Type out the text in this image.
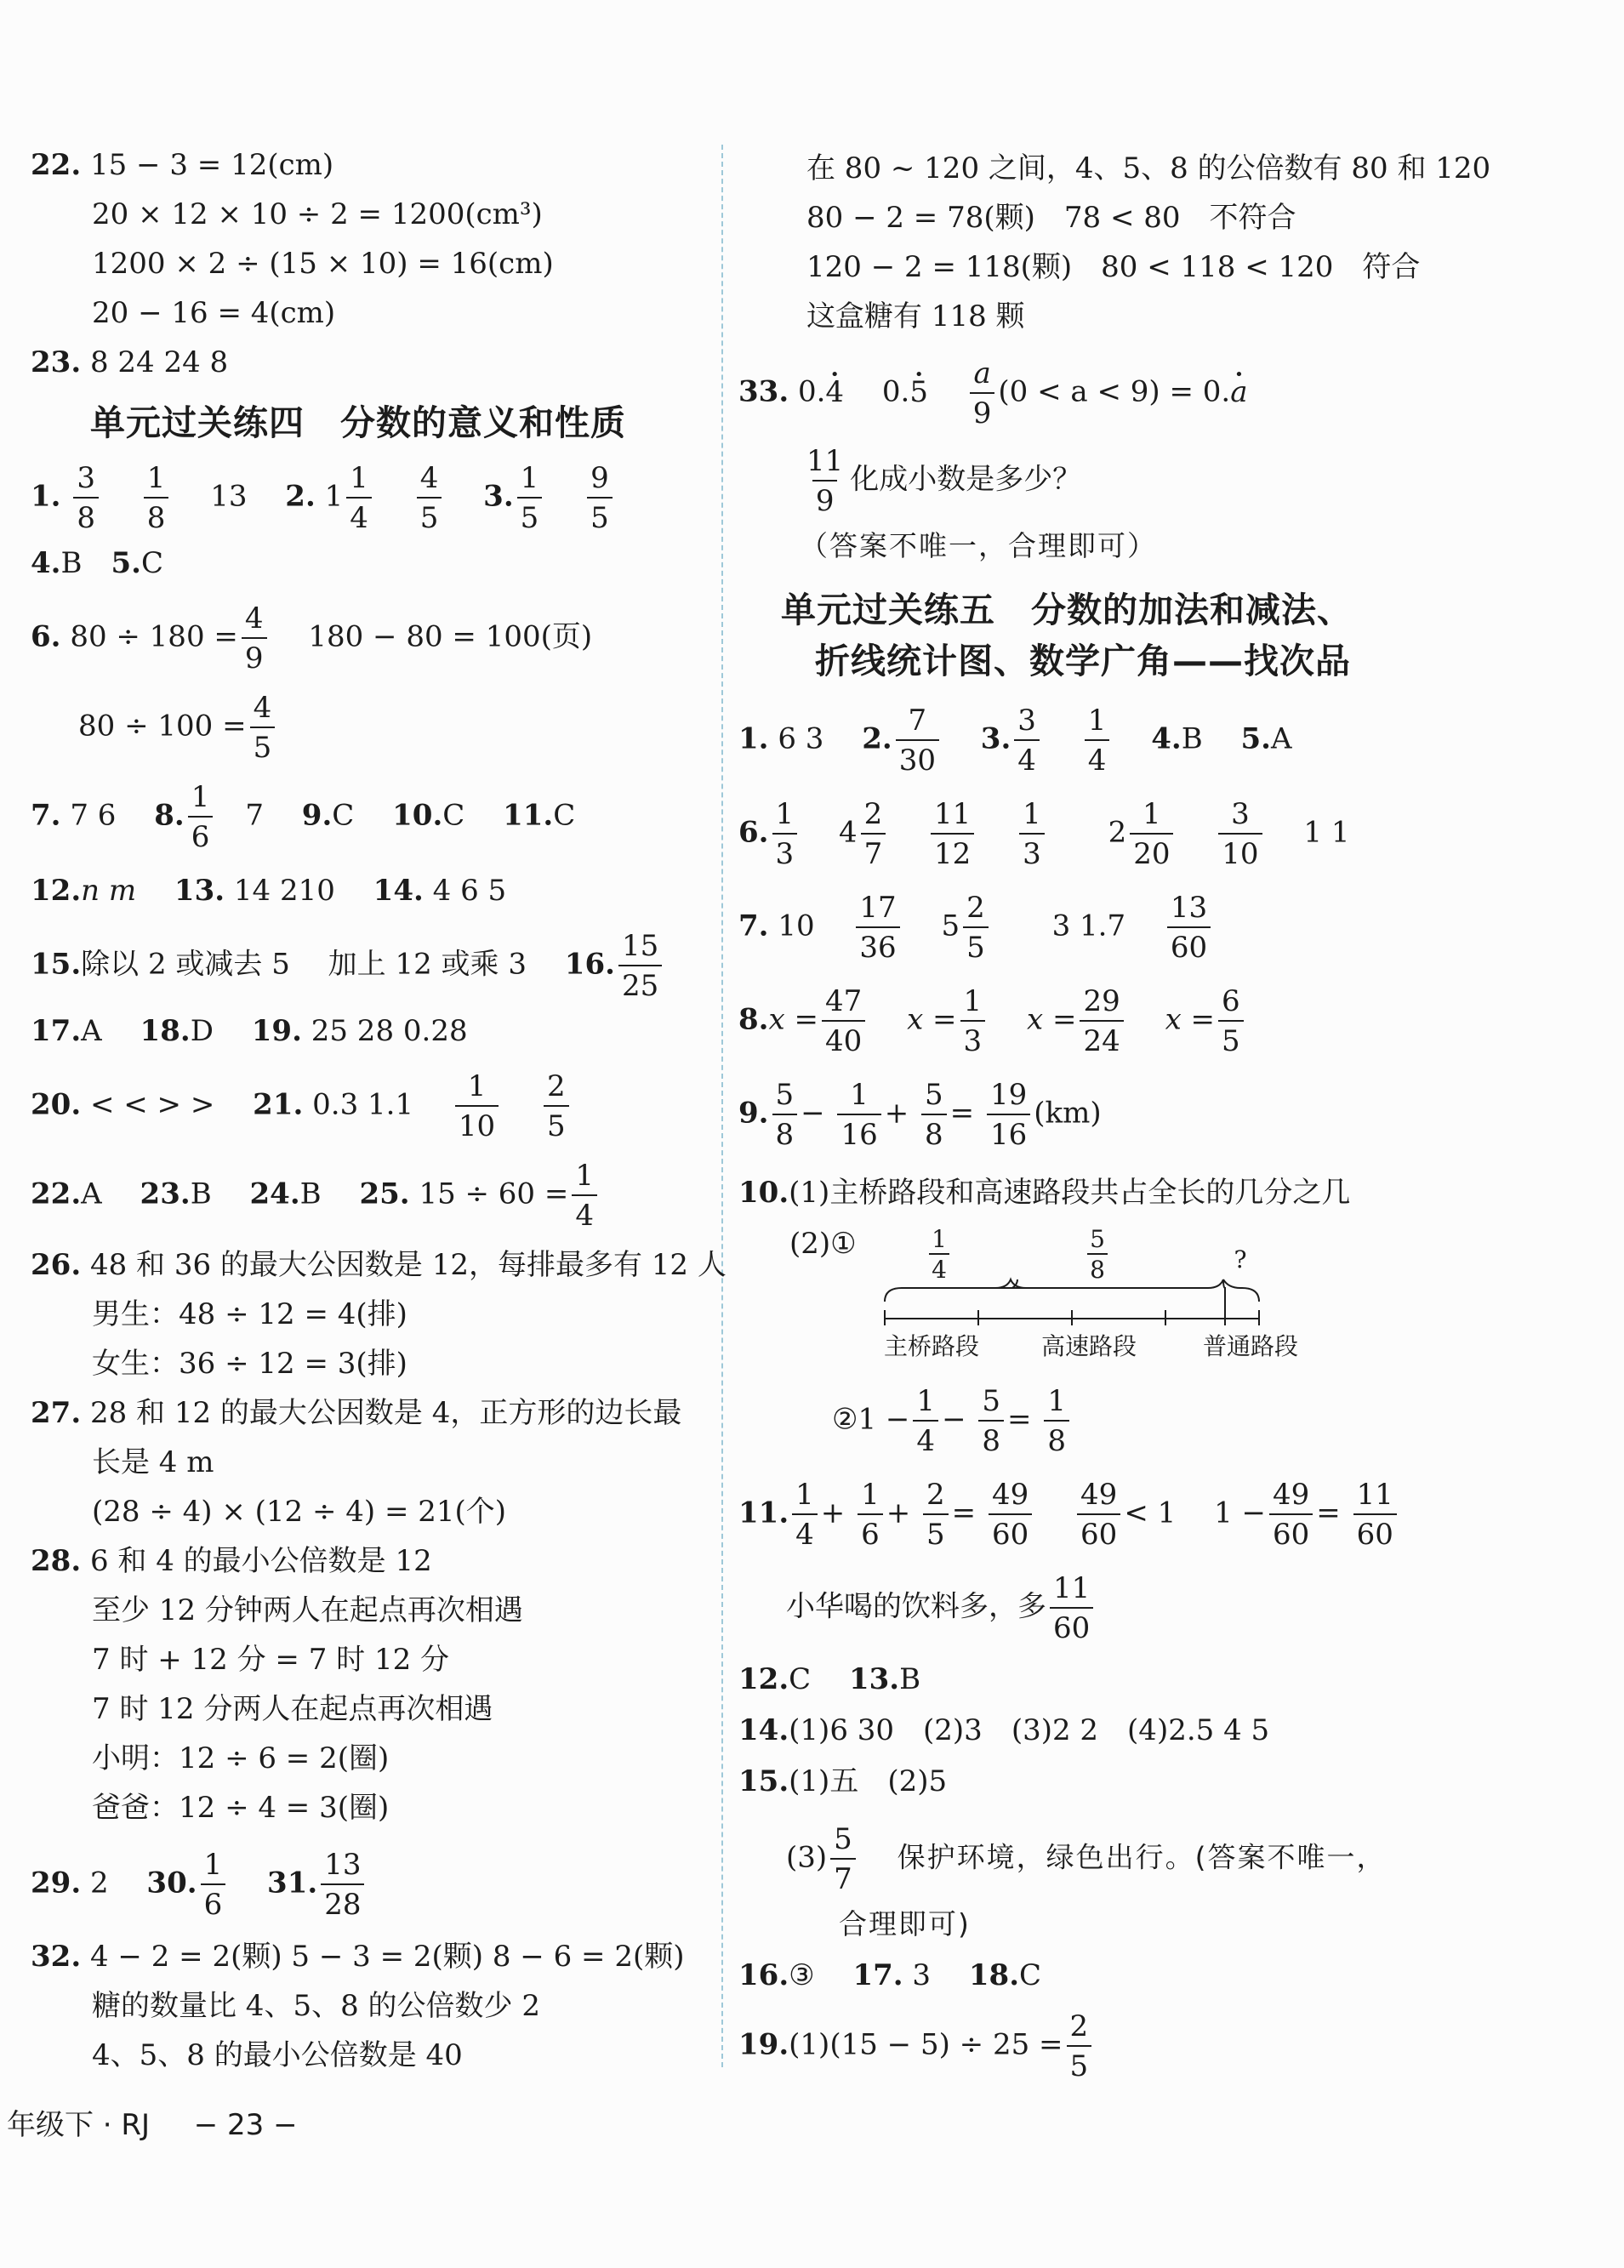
22. 15 − 3 = 12(cm)
20 × 12 × 10 ÷ 2 = 1200(cm³)
1200 × 2 ÷ (15 × 10) = 16(cm)
20 − 16 = 4(cm)
23. 8 24 24 8
单元过关练四　分数的意义和性质
1. $\frac{3}{8}$
$\frac{1}{8} 13$ 2. $1 \frac{1}{4}$
$\frac{4}{5} 3$. $\frac{1}{5}$
$\frac{9}{5}$
4.B 5.C
6. $80 \div 180 = \frac{4}{9} 180 - 80 = 100$(页)
$80 \div 100 = \frac{4}{5}$
7. 7 6 8. $\frac{1}{6} 7$ 9.C 10.C 11.C
12.n m 13. 14 210 14. 4 6 5
15.除以 2 或减去 5　 加上 12 或乘 3 16. $\frac{15}{25}$
17.A 18.D 19. 25 28 0.28
20. < < > > 21. 0.3 $1.1 \frac{1}{10}$
$\frac{2}{5}$
22.A 23.B 24.B 25. $15 \div 60 = \frac{1}{4}$
26. 48 和 36 的最大公因数是 12，每排最多有 12 人
男生：48 ÷ 12 = 4(排)
女生：36 ÷ 12 = 3(排)
27. 28 和 12 的最大公因数是 4，正方形的边长最
长是 4 m
(28 ÷ 4) × (12 ÷ 4) = 21(个)
28. 6 和 4 的最小公倍数是 12
至少 12 分钟两人在起点再次相遇
7 时 + 12 分 = 7 时 12 分
7 时 12 分两人在起点再次相遇
小明：12 ÷ 6 = 2(圈)
爸爸：12 ÷ 4 = 3(圈)
29. 2 30. $\frac{1}{6} 31$. $\frac{13}{28}$
32. 4 − 2 = 2(颗) 5 − 3 = 2(颗) 8 − 6 = 2(颗)
糖的数量比 4、5、8 的公倍数少 2
4、5、8 的最小公倍数是 40
在 80 ~ 120 之间，4、5、8 的公倍数有 80 和 120
80 − 2 = 78(颗)　78 < 80　不符合
120 − 2 = 118(颗)　80 < 118 < 120　符合
这盒糖有 118 颗
33. 0.• 4 0.• $5 \frac{a}{9} (0 < a < 9)$ = 0.• a
$\frac{11}{9}$ 化成小数是多少？
（答案不唯一，合理即可）
单元过关练五　分数的加法和减法、
折线统计图、数学广角——找次品
1. 6 3 2. $\frac{7}{30} 3$. $\frac{3}{4}$
$\frac{1}{4} 4.B$ 5.A
6. $\frac{1}{3} 4 \frac{2}{7}$
$\frac{11}{12}$
$\frac{1}{3} 2 \frac{1}{20}$
$\frac{3}{10} 1$ 1
7. $10 \frac{17}{36} 5 \frac{2}{5} 3$ $1.7 \frac{13}{60}$
$8.x = \frac{47}{40}$ $x = \frac{1}{3}$ $x = \frac{29}{24}$ $x = \frac{6}{5}$
9. $\frac{5}{8} - \frac{1}{16} + \frac{5}{8} = \frac{19}{16} (km)$
10.(1)主桥路段和高速路段共占全长的几分之几
(2)①
②1 − $\frac{1}{4} - \frac{5}{8} = \frac{1}{8}$
11. $\frac{1}{4} + \frac{1}{6} + \frac{2}{5} = \frac{49}{60}$
$\frac{49}{60} < 1$ $1 - \frac{49}{60} = \frac{11}{60}$
小华喝的饮料多，多 $\frac{11}{60}$
12.C 13.B
14.(1)6 30　(2)3　(3)2 2　(4)2.5 4 5
15.(1)五　(2)5
$(3) \frac{5}{7}$ 保护环境，绿色出行。(答案不唯一，
合理即可)
16.③ 17. 3 18.C
$19.(1)(15 - 5) \div 25 = \frac{2}{5}$
1
4
5
8	?
主桥路段	高速路段	普通路段
年级下 · RJ − 23 −
